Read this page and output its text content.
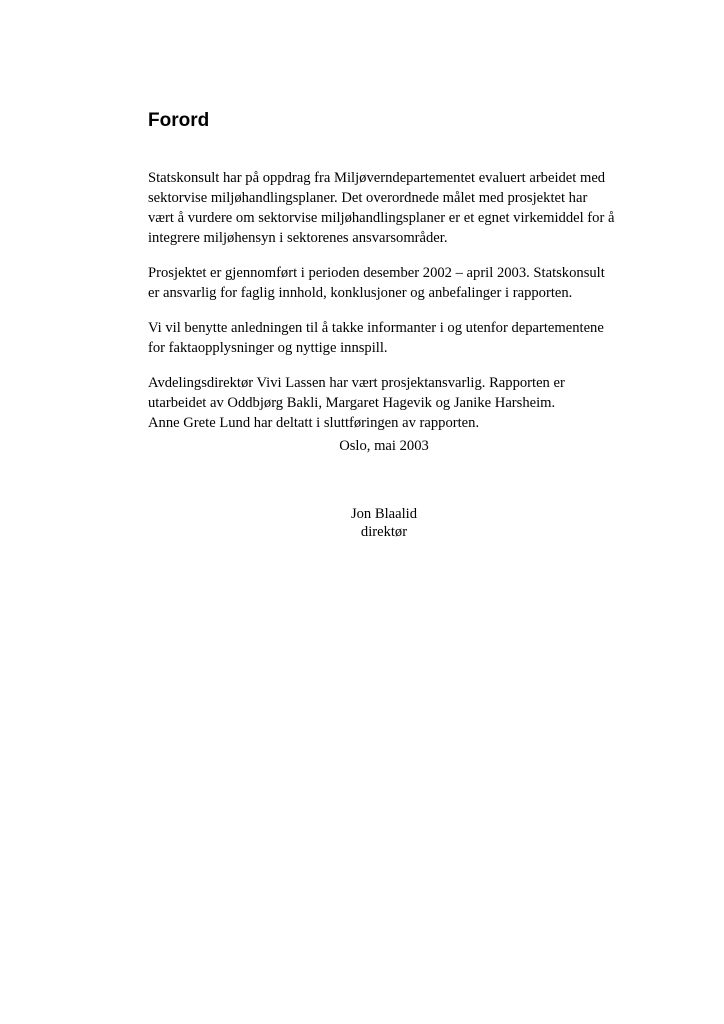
Forord

Statskonsult har på oppdrag fra Miljøverndepartementet evaluert arbeidet med
sektorvise miljøhandlingsplaner. Det overordnede målet med prosjektet har
vært å vurdere om sektorvise miljøhandlingsplaner er et egnet virkemiddel for å
integrere miljøhensyn i sektorenes ansvarsområder.

Prosjektet er gjennomført i perioden desember 2002 – april 2003. Statskonsult
er ansvarlig for faglig innhold, konklusjoner og anbefalinger i rapporten.

Vi vil benytte anledningen til å takke informanter i og utenfor departementene
for faktaopplysninger og nyttige innspill.

Avdelingsdirektør Vivi Lassen har vært prosjektansvarlig. Rapporten er
utarbeidet av Oddbjørg Bakli, Margaret Hagevik og Janike Harsheim.
Anne Grete Lund har deltatt i sluttføringen av rapporten.

Oslo, mai 2003
Jon Blaalid
direktør
